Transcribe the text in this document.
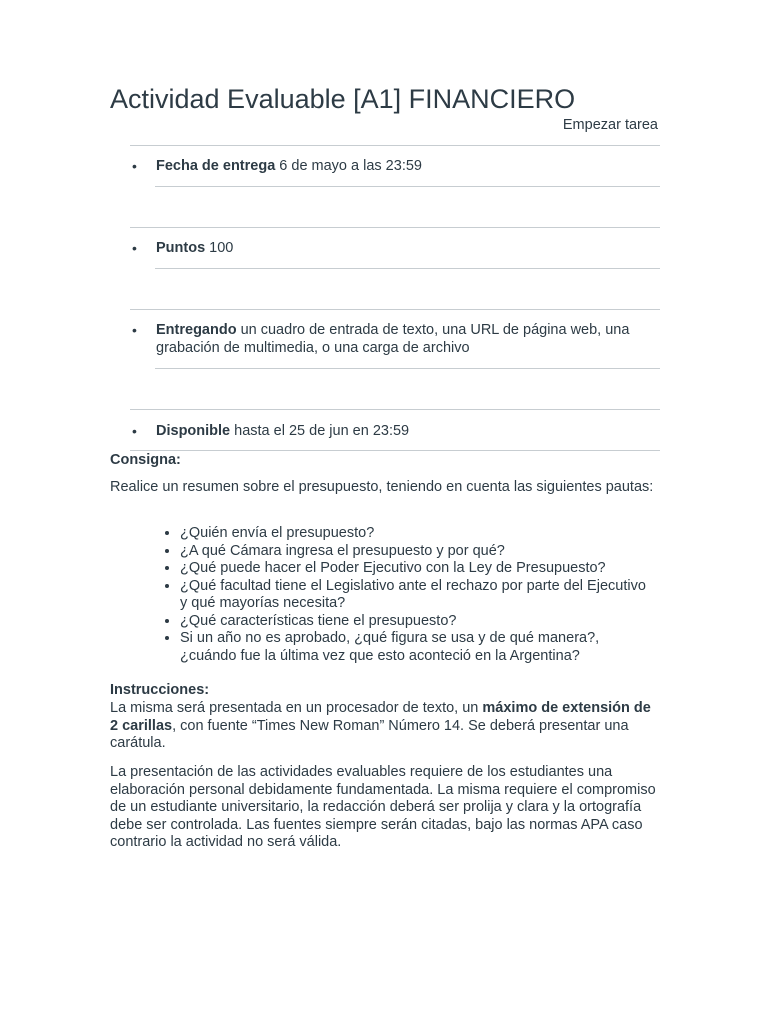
Actividad Evaluable [A1] FINANCIERO
Empezar tarea
• Fecha de entrega 6 de mayo a las 23:59
• Puntos 100
• Entregando un cuadro de entrada de texto, una URL de página web, una grabación de multimedia, o una carga de archivo
• Disponible hasta el 25 de jun en 23:59
Consigna:
Realice un resumen sobre el presupuesto, teniendo en cuenta las siguientes pautas:
• ¿Quién envía el presupuesto?
• ¿A qué Cámara ingresa el presupuesto y por qué?
• ¿Qué puede hacer el Poder Ejecutivo con la Ley de Presupuesto?
• ¿Qué facultad tiene el Legislativo ante el rechazo por parte del Ejecutivo y qué mayorías necesita?
• ¿Qué características tiene el presupuesto?
• Si un año no es aprobado, ¿qué figura se usa y de qué manera?, ¿cuándo fue la última vez que esto aconteció en la Argentina?
Instrucciones:
La misma será presentada en un procesador de texto, un máximo de extensión de 2 carillas, con fuente “Times New Roman” Número 14. Se deberá presentar una carátula.
La presentación de las actividades evaluables requiere de los estudiantes una elaboración personal debidamente fundamentada. La misma requiere el compromiso de un estudiante universitario, la redacción deberá ser prolija y clara y la ortografía debe ser controlada. Las fuentes siempre serán citadas, bajo las normas APA caso contrario la actividad no será válida.
